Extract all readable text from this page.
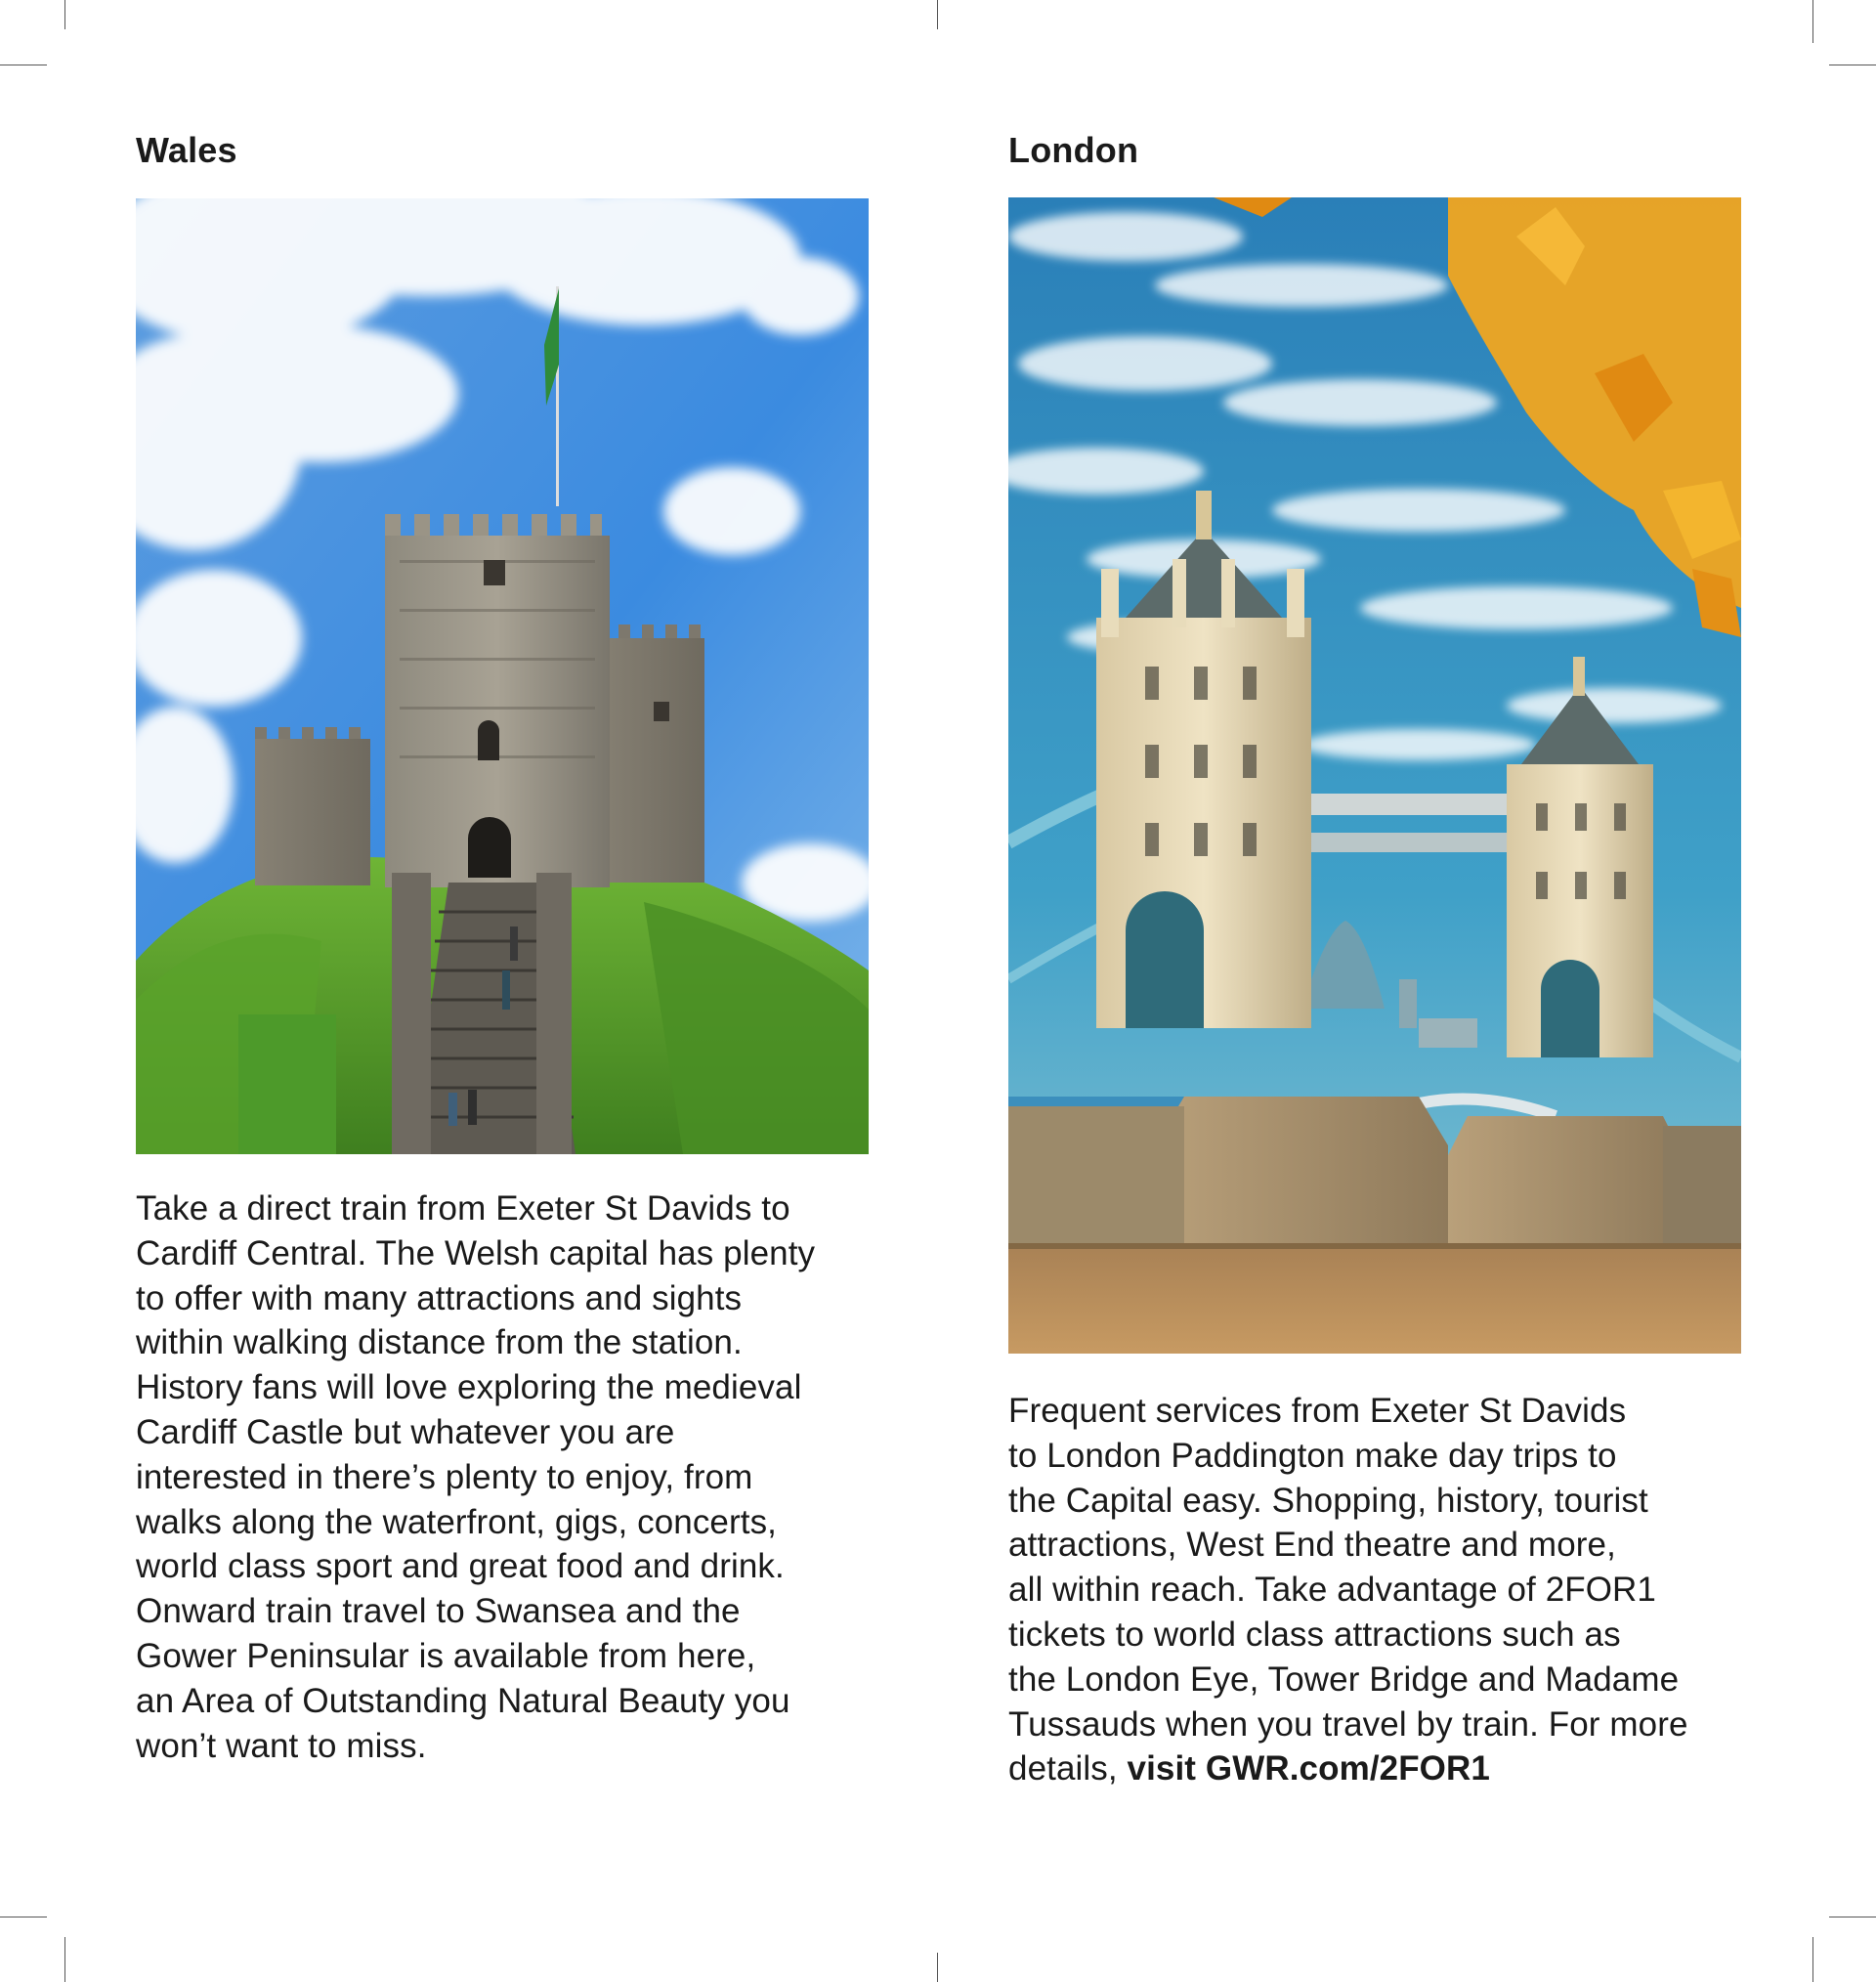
Wales

Take a direct train from Exeter St Davids to
Cardiff Central. The Welsh capital has plenty
to offer with many attractions and sights
within walking distance from the station.
History fans will love exploring the medieval
Cardiff Castle but whatever you are
interested in there’s plenty to enjoy, from
walks along the waterfront, gigs, concerts,
world class sport and great food and drink.
Onward train travel to Swansea and the
Gower Peninsular is available from here,
an Area of Outstanding Natural Beauty you
won’t want to miss.

London

Frequent services from Exeter St Davids
to London Paddington make day trips to
the Capital easy. Shopping, history, tourist
attractions, West End theatre and more,
all within reach. Take advantage of 2FOR1
tickets to world class attractions such as
the London Eye, Tower Bridge and Madame
Tussauds when you travel by train. For more
details, visit GWR.com/2FOR1
